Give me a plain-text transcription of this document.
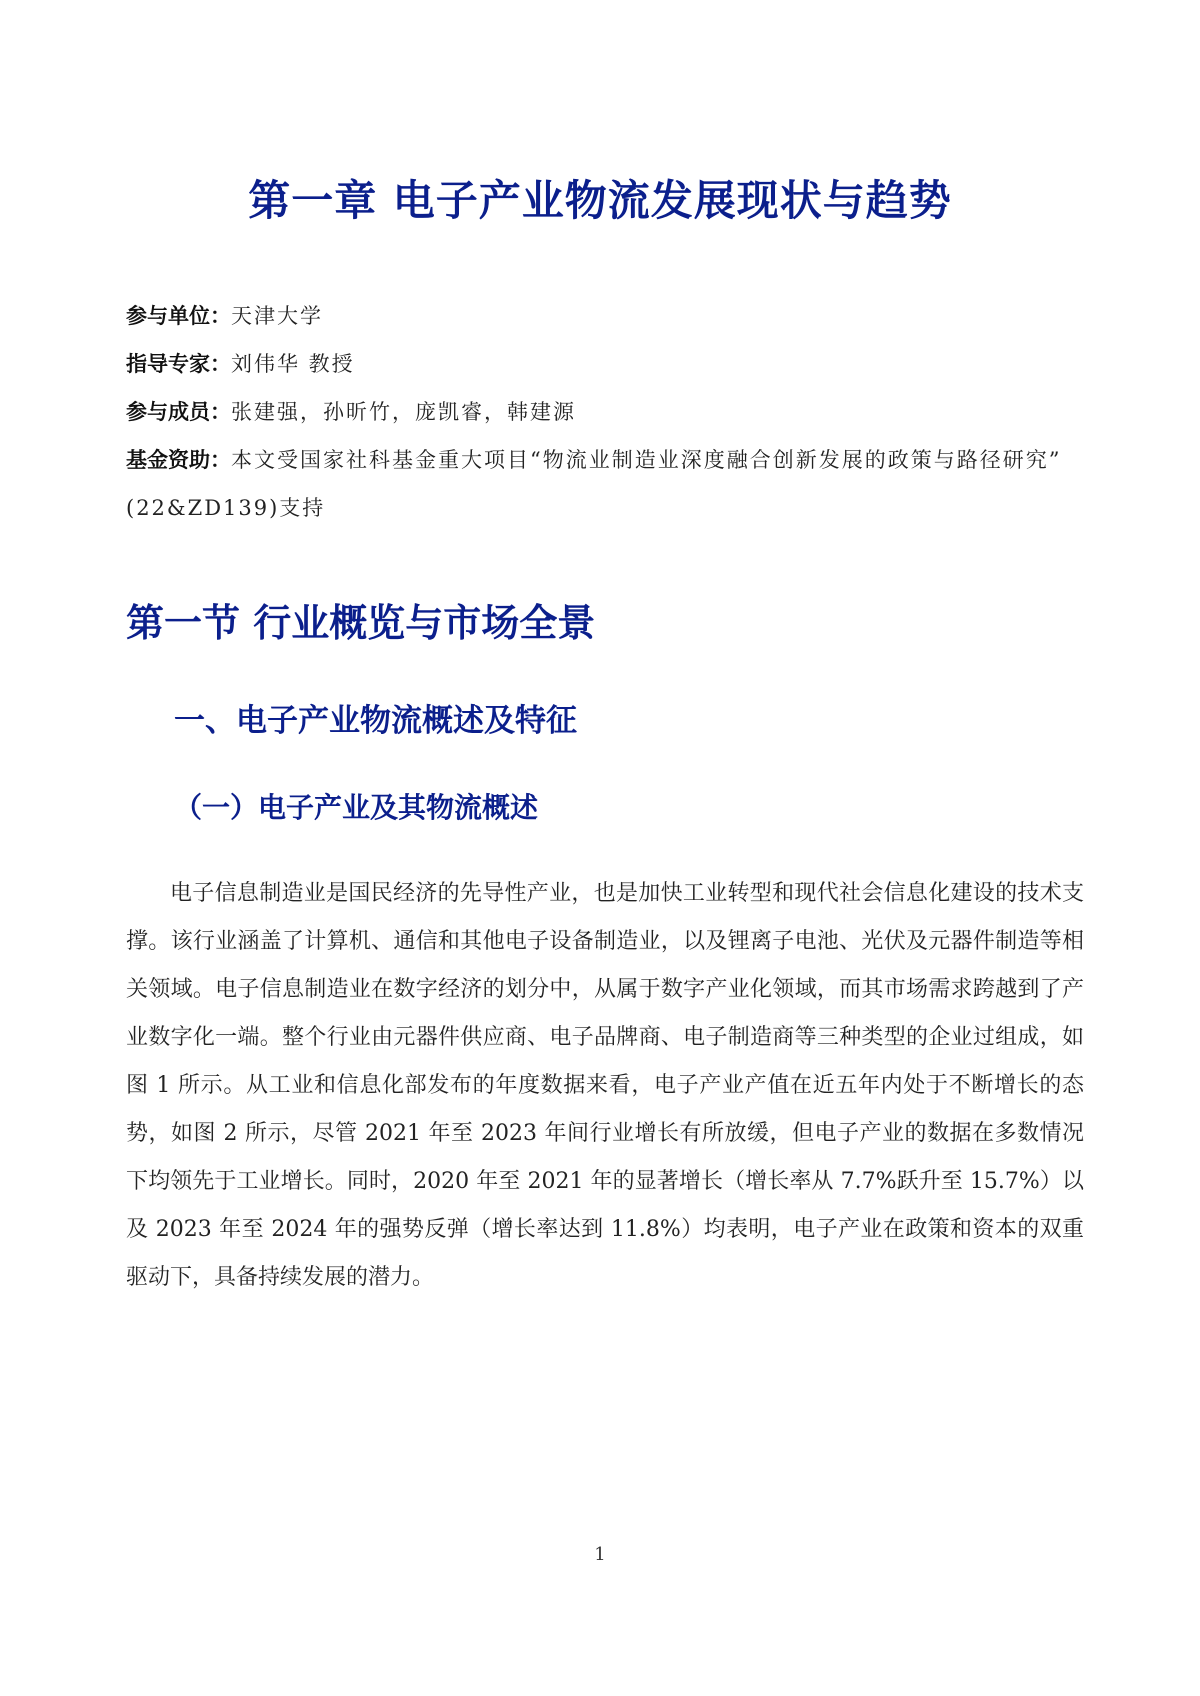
第一章 电子产业物流发展现状与趋势
参与单位：天津大学
指导专家：刘伟华 教授
参与成员：张建强，孙昕竹，庞凯睿，韩建源
基金资助：本文受国家社科基金重大项目“物流业制造业深度融合创新发展的政策与路径研究” (22&ZD139)支持
第一节 行业概览与市场全景
一、电子产业物流概述及特征
（一）电子产业及其物流概述
电子信息制造业是国民经济的先导性产业，也是加快工业转型和现代社会信息化建设的技术支撑。该行业涵盖了计算机、通信和其他电子设备制造业，以及锂离子电池、光伏及元器件制造等相关领域。电子信息制造业在数字经济的划分中，从属于数字产业化领域，而其市场需求跨越到了产业数字化一端。整个行业由元器件供应商、电子品牌商、电子制造商等三种类型的企业过组成，如图 1 所示。从工业和信息化部发布的年度数据来看，电子产业产值在近五年内处于不断增长的态势，如图 2 所示，尽管 2021 年至 2023 年间行业增长有所放缓，但电子产业的数据在多数情况下均领先于工业增长。同时，2020 年至 2021 年的显著增长（增长率从 7.7%跃升至 15.7%）以及 2023 年至 2024 年的强势反弹（增长率达到 11.8%）均表明，电子产业在政策和资本的双重驱动下，具备持续发展的潜力。
1
